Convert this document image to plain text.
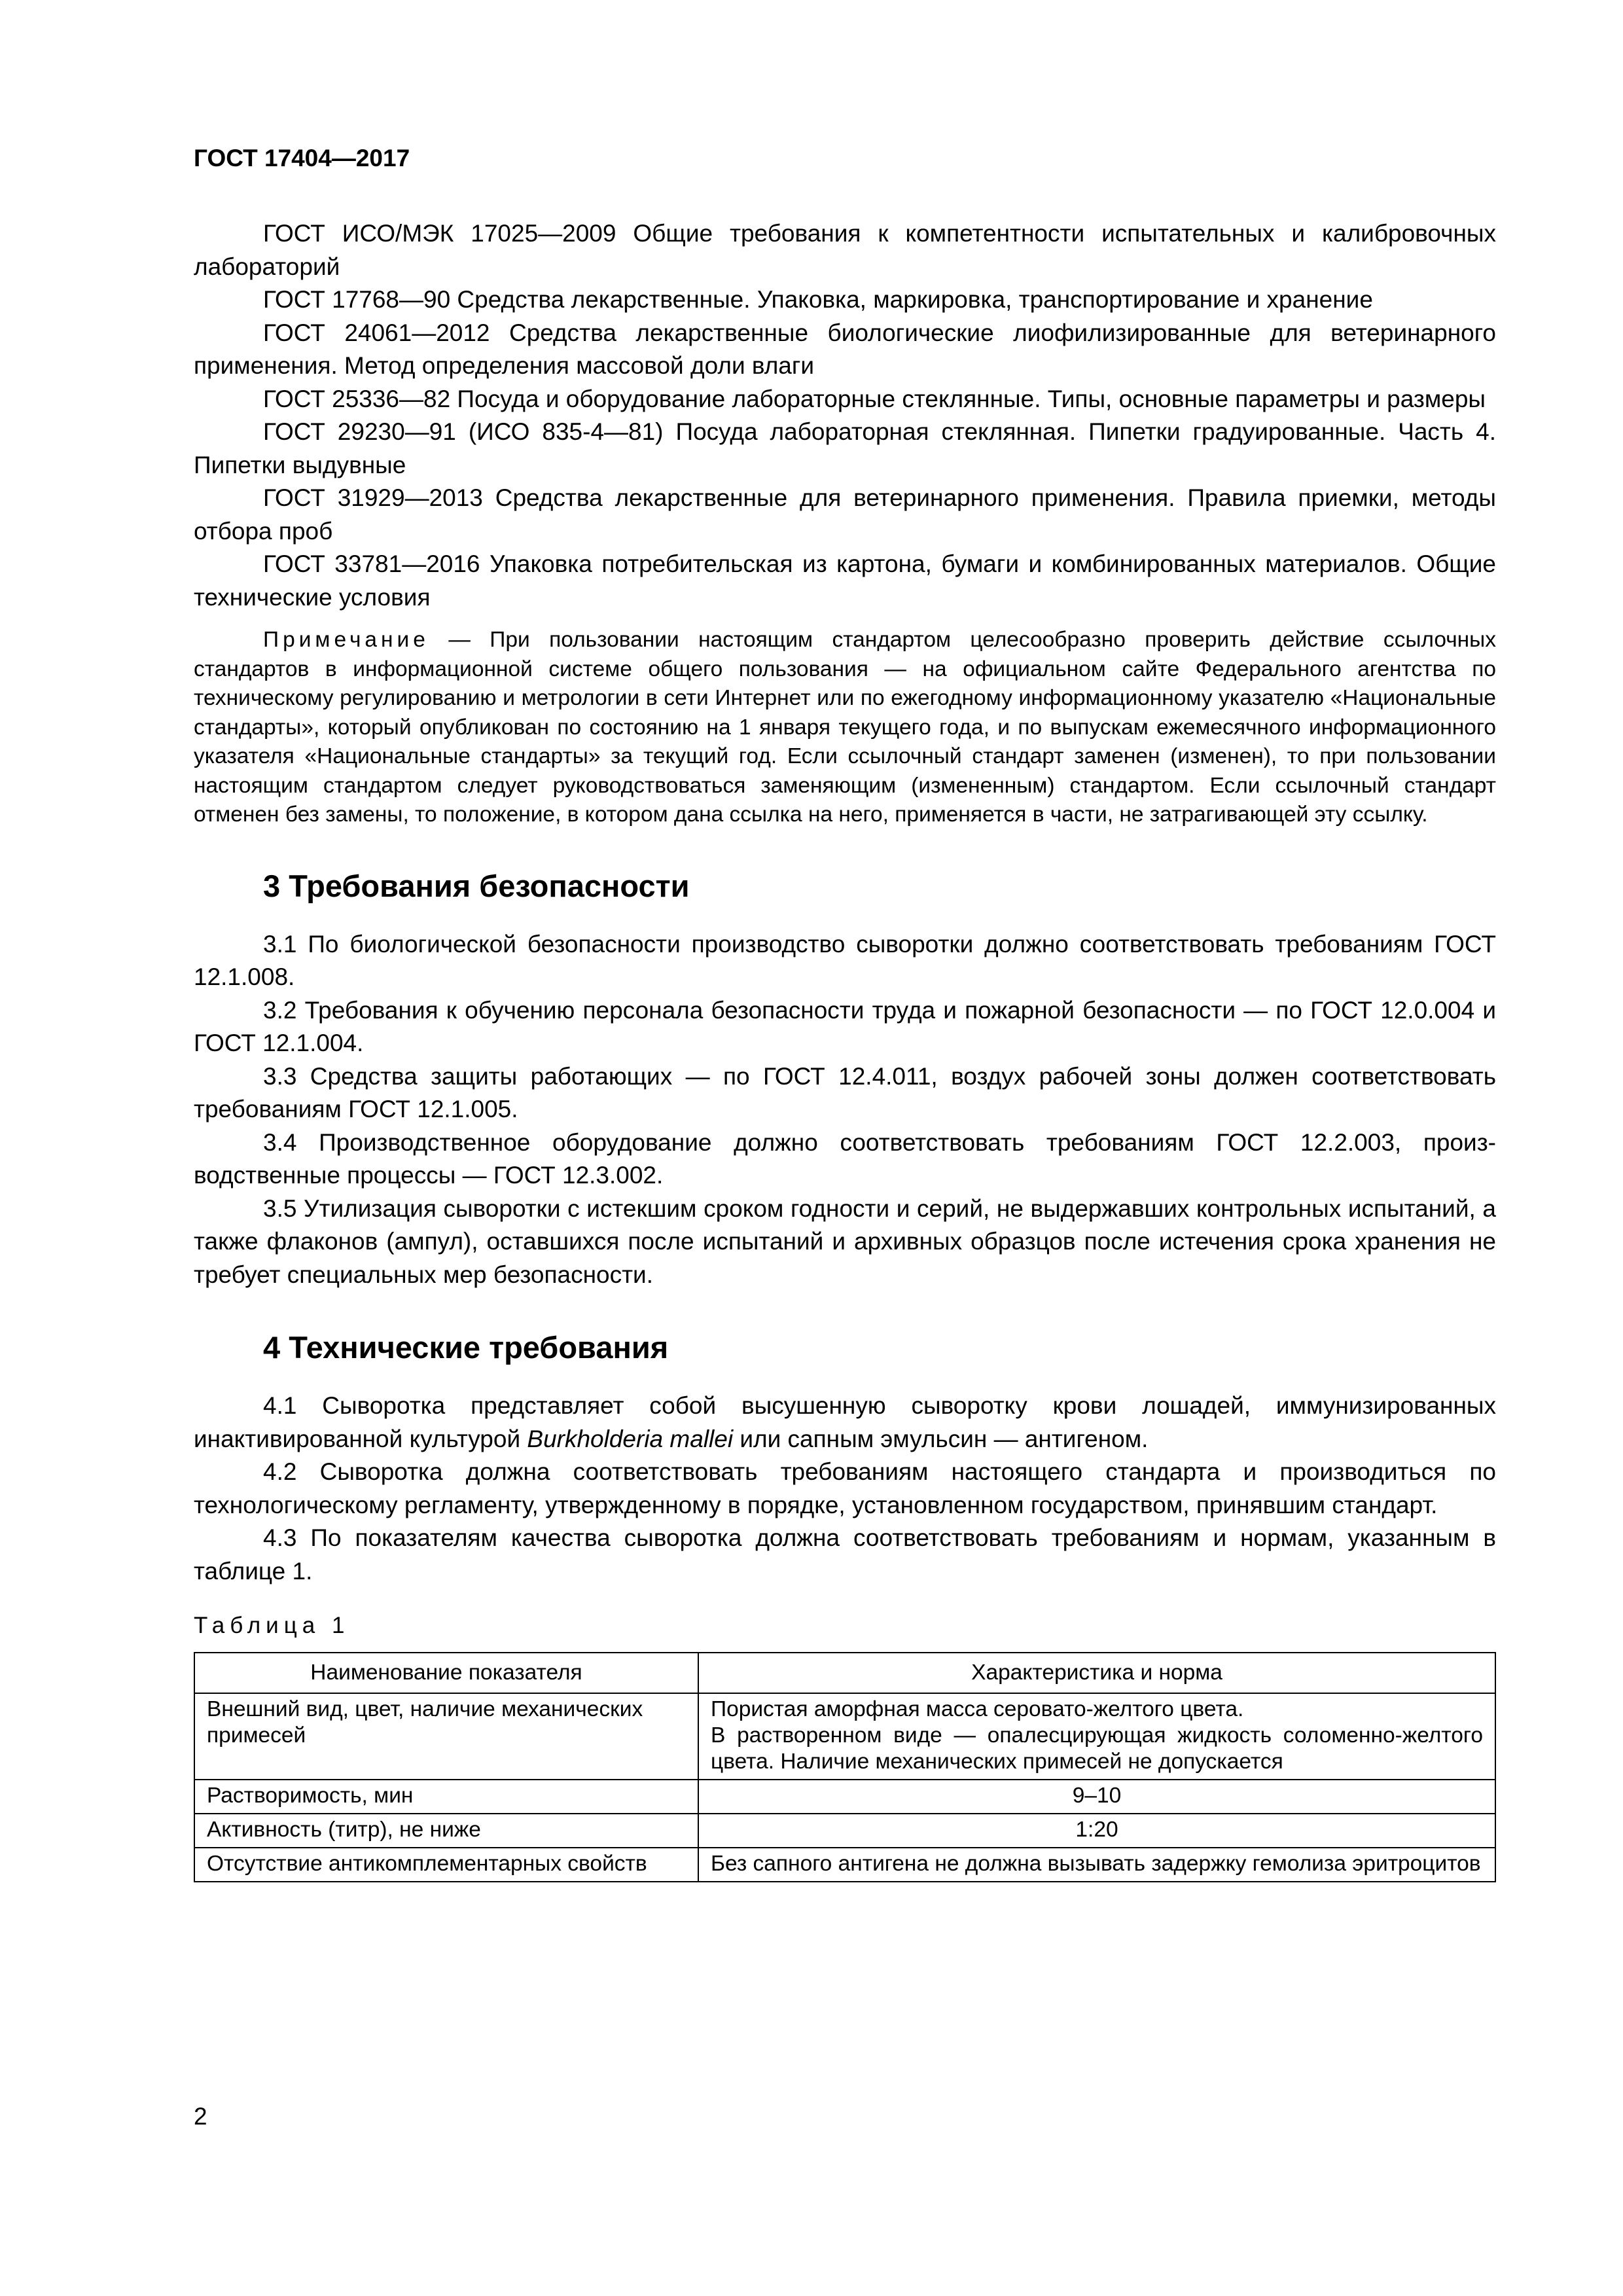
ГОСТ 17404—2017

ГОСТ ИСО/МЭК 17025—2009 Общие требования к компетентности испытательных и калибровочных лабораторий

ГОСТ 17768—90 Средства лекарственные. Упаковка, маркировка, транспортирование и хранение

ГОСТ 24061—2012 Средства лекарственные биологические лиофилизированные для ветеринарного применения. Метод определения массовой доли влаги

ГОСТ 25336—82 Посуда и оборудование лабораторные стеклянные. Типы, основные параметры и размеры

ГОСТ 29230—91 (ИСО 835-4—81) Посуда лабораторная стеклянная. Пипетки градуированные. Часть 4. Пипетки выдувные

ГОСТ 31929—2013 Средства лекарственные для ветеринарного применения. Правила приемки, методы отбора проб

ГОСТ 33781—2016 Упаковка потребительская из картона, бумаги и комбинированных материалов. Общие технические условия

Примечание — При пользовании настоящим стандартом целесообразно проверить действие ссылочных стандартов в информационной системе общего пользования — на официальном сайте Федерального агентства по техническому регулированию и метрологии в сети Интернет или по ежегодному информационному указателю «Национальные стандарты», который опубликован по состоянию на 1 января текущего года, и по выпускам ежемесячного информационного указателя «Национальные стандарты» за текущий год. Если ссылочный стандарт заменен (изменен), то при пользовании настоящим стандартом следует руководствоваться заменяющим (измененным) стандартом. Если ссылочный стандарт отменен без замены, то положение, в котором дана ссылка на него, применяется в части, не затрагивающей эту ссылку.

3 Требования безопасности

3.1 По биологической безопасности производство сыворотки должно соответствовать требованиям ГОСТ 12.1.008.

3.2 Требования к обучению персонала безопасности труда и пожарной безопасности — по ГОСТ 12.0.004 и ГОСТ 12.1.004.

3.3 Средства защиты работающих — по ГОСТ 12.4.011, воздух рабочей зоны должен соответствовать требованиям ГОСТ 12.1.005.

3.4 Производственное оборудование должно соответствовать требованиям ГОСТ 12.2.003, производственные процессы — ГОСТ 12.3.002.

3.5 Утилизация сыворотки с истекшим сроком годности и серий, не выдержавших контрольных испытаний, а также флаконов (ампул), оставшихся после испытаний и архивных образцов после истечения срока хранения не требует специальных мер безопасности.

4 Технические требования

4.1 Сыворотка представляет собой высушенную сыворотку крови лошадей, иммунизированных инактивированной культурой Burkholderia mallei или сапным эмульсин — антигеном.

4.2 Сыворотка должна соответствовать требованиям настоящего стандарта и производиться по технологическому регламенту, утвержденному в порядке, установленном государством, принявшим стандарт.

4.3 По показателям качества сыворотка должна соответствовать требованиям и нормам, указанным в таблице 1.

Таблица 1
Наименование показателя	Характеристика и норма
Внешний вид, цвет, наличие механических примесей	Пористая аморфная масса серовато-желтого цвета.
В растворенном виде — опалесцирующая жидкость соломенно-желтого цвета. Наличие механических примесей не допускается

Растворимость, мин	9–10
Активность (титр), не ниже	1:20
Отсутствие антикомплементарных свойств	Без сапного антигена не должна вызывать задержку гемолиза эритроцитов
2
